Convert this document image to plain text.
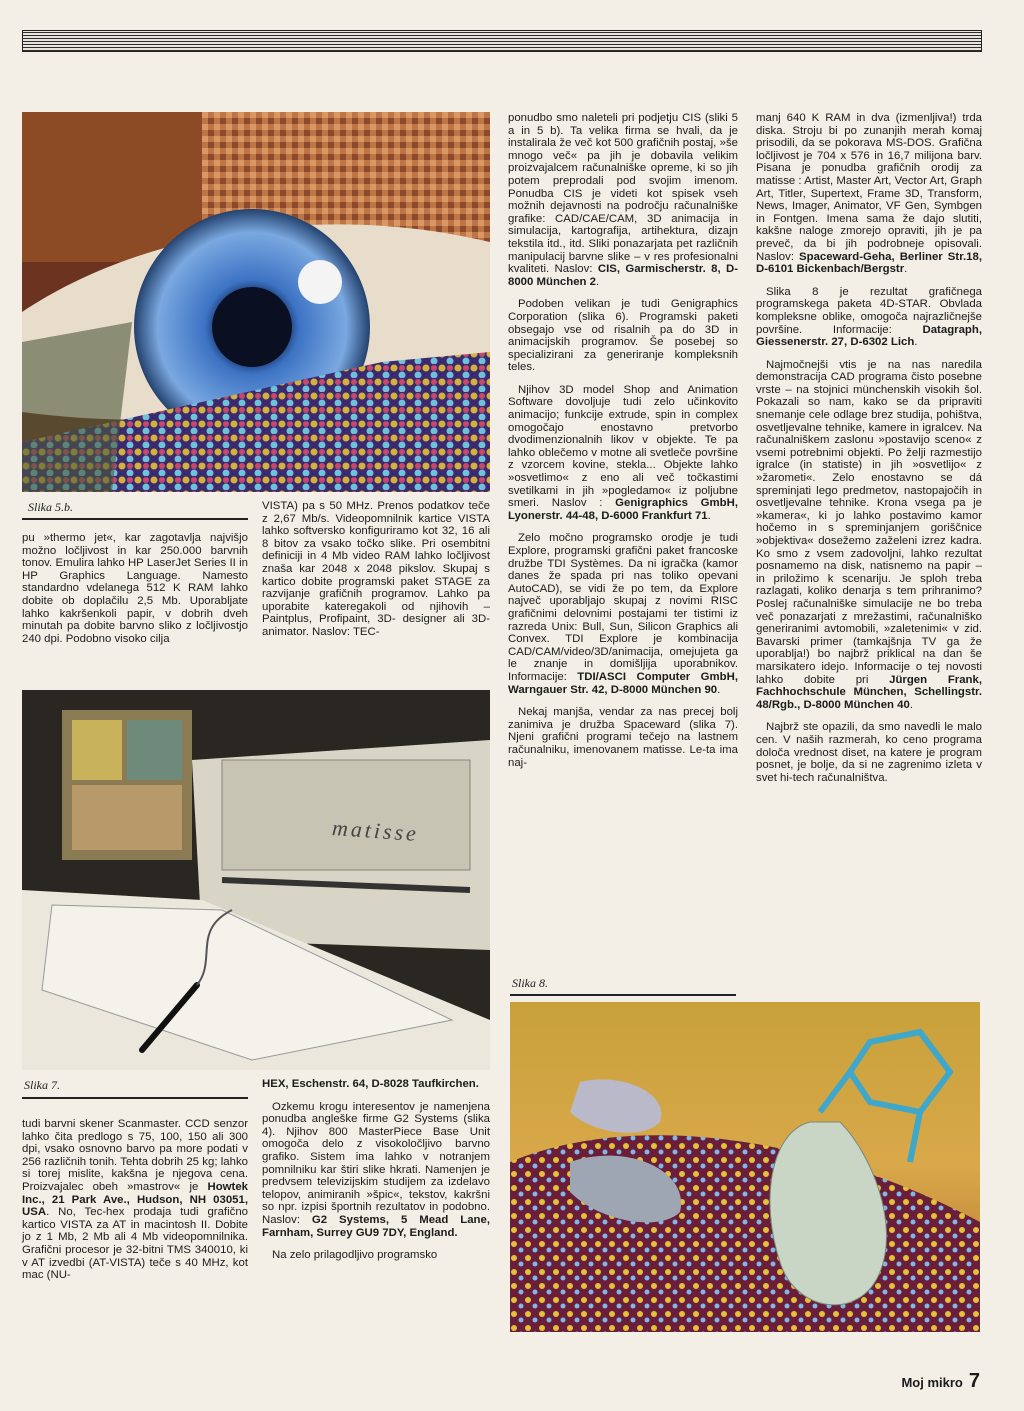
Slika 5.b.

pu »thermo jet«, kar zagotavlja najvišjo možno ločljivost in kar 250.000 barvnih tonov. Emulira lahko HP LaserJet Series II in HP Graphics Language. Namesto standardno vdelanega 512 K RAM lahko dobite ob doplačilu 2,5 Mb. Uporabljate lahko kakršenkoli papir, v dobrih dveh minutah pa dobite barvno sliko z ločljivostjo 240 dpi. Podobno visoko cilja

VISTA) pa s 50 MHz. Prenos podatkov teče z 2,67 Mb/s. Videopomnilnik kartice VISTA lahko softversko konfiguriramo kot 32, 16 ali 8 bitov za vsako točko slike. Pri osembitni definiciji in 4 Mb video RAM lahko ločljivost znaša kar 2048 x 2048 pikslov. Skupaj s kartico dobite programski paket STAGE za razvijanje grafičnih programov. Lahko pa uporabite kateregakoli od njihovih – Paintplus, Profipaint, 3D- designer ali 3D-animator. Naslov: TEC-

ponudbo smo naleteli pri podjetju CIS (sliki 5 a in 5 b). Ta velika firma se hvali, da je instalirala že več kot 500 grafičnih postaj, »še mnogo več« pa jih je dobavila velikim proizvajalcem računalniške opreme, ki so jih potem preprodali pod svojim imenom. Ponudba CIS je videti kot spisek vseh možnih dejavnosti na področju računalniške grafike: CAD/CAE/CAM, 3D animacija in simulacija, kartografija, artihektura, dizajn tekstila itd., itd. Sliki ponazarjata pet različnih manipulacij barvne slike – v res profesionalni kvaliteti. Naslov: CIS, Garmischerstr. 8, D-8000 München 2.

Podoben velikan je tudi Genigraphics Corporation (slika 6). Programski paketi obsegajo vse od risalnih pa do 3D in animacijskih programov. Še posebej so specializirani za generiranje kompleksnih teles.

Njihov 3D model Shop and Animation Software dovoljuje tudi zelo učinkovito animacijo; funkcije extrude, spin in complex omogočajo enostavno pretvorbo dvodimenzionalnih likov v objekte. Te pa lahko oblečemo v motne ali svetleče površine z vzorcem kovine, stekla... Objekte lahko »osvetlimo« z eno ali več točkastimi svetilkami in jih »pogledamo« iz poljubne smeri. Naslov : Genigraphics GmbH, Lyonerstr. 44-48, D-6000 Frankfurt 71.

Zelo močno programsko orodje je tudi Explore, programski grafični paket francoske družbe TDI Systèmes. Da ni igračka (kamor danes že spada pri nas toliko opevani AutoCAD), se vidi že po tem, da Explore največ uporabljajo skupaj z novimi RISC grafičnimi delovnimi postajami ter tistimi iz razreda Unix: Bull, Sun, Silicon Graphics ali Convex. TDI Explore je kombinacija CAD/CAM/video/3D/animacija, omejujeta ga le znanje in domišljija uporabnikov. Informacije: TDI/ASCI Computer GmbH, Warngauer Str. 42, D-8000 München 90.

Nekaj manjša, vendar za nas precej bolj zanimiva je družba Spaceward (slika 7). Njeni grafični programi tečejo na lastnem računalniku, imenovanem matisse. Le-ta ima naj-

manj 640 K RAM in dva (izmenljiva!) trda diska. Stroju bi po zunanjih merah komaj prisodili, da se pokorava MS-DOS. Grafična ločljivost je 704 x 576 in 16,7 milijona barv. Pisana je ponudba grafičnih orodij za matisse : Artist, Master Art, Vector Art, Graph Art, Titler, Supertext, Frame 3D, Transform, News, Imager, Animator, VF Gen, Symbgen in Fontgen. Imena sama že dajo slutiti, kakšne naloge zmorejo opraviti, jih je pa preveč, da bi jih podrobneje opisovali. Naslov: Spaceward-Geha, Berliner Str.18, D-6101 Bickenbach/Bergstr.

Slika 8 je rezultat grafičnega programskega paketa 4D-STAR. Obvlada kompleksne oblike, omogoča najrazličnejše površine. Informacije: Datagraph, Giessenerstr. 27, D-6302 Lich.

Najmočnejši vtis je na nas naredila demonstracija CAD programa čisto posebne vrste – na stojnici münchenskih visokih šol. Pokazali so nam, kako se da pripraviti snemanje cele odlage brez studija, pohištva, osvetljevalne tehnike, kamere in igralcev. Na računalniškem zaslonu »postavijo sceno« z vsemi potrebnimi objekti. Po želji razmestijo igralce (in statiste) in jih »osvetlijo« z »žarometi«. Zelo enostavno se dá spreminjati lego predmetov, nastopajočih in osvetljevalne tehnike. Krona vsega pa je »kamera«, ki jo lahko postavimo kamor hočemo in s spreminjanjem goriščnice »objektiva« dosežemo zaželeni izrez kadra. Ko smo z vsem zadovoljni, lahko rezultat posnamemo na disk, natisnemo na papir – in priložimo k scenariju. Je sploh treba razlagati, koliko denarja s tem prihranimo? Poslej računalniške simulacije ne bo treba več ponazarjati z mrežastimi, računalniško generiranimi avtomobili, »zaletenimi« v zid. Bavarski primer (tamkajšnja TV ga že uporablja!) bo najbrž priklical na dan še marsikatero idejo. Informacije o tej novosti lahko dobite pri Jürgen Frank, Fachhochschule München, Schellingstr. 48/Rgb., D-8000 München 40.

Najbrž ste opazili, da smo navedli le malo cen. V naših razmerah, ko ceno programa določa vrednost diset, na katere je program posnet, je bolje, da si ne zagrenimo izleta v svet hi-tech računalništva.

matisse
Slika 7.

tudi barvni skener Scanmaster. CCD senzor lahko čita predlogo s 75, 100, 150 ali 300 dpi, vsako osnovno barvo pa more podati v 256 različnih tonih. Tehta dobrih 25 kg; lahko si torej mislite, kakšna je njegova cena. Proizvajalec obeh »mastrov« je Howtek Inc., 21 Park Ave., Hudson, NH 03051, USA. No, Tec-hex prodaja tudi grafično kartico VISTA za AT in macintosh II. Dobite jo z 1 Mb, 2 Mb ali 4 Mb videopomnilnika. Grafični procesor je 32-bitni TMS 340010, ki v AT izvedbi (AT-VISTA) teče s 40 MHz, kot mac (NU-

HEX, Eschenstr. 64, D-8028 Taufkirchen.

Ozkemu krogu interesentov je namenjena ponudba angleške firme G2 Systems (slika 4). Njihov 800 MasterPiece Base Unit omogoča delo z visokoločljivo barvno grafiko. Sistem ima lahko v notranjem pomnilniku kar štiri slike hkrati. Namenjen je predvsem televizijskim studijem za izdelavo telopov, animiranih »špic«, tekstov, kakršni so npr. izpisi športnih rezultatov in podobno. Naslov: G2 Systems, 5 Mead Lane, Farnham, Surrey GU9 7DY, England.

Na zelo prilagodljivo programsko

Slika 8.
Moj mikro 7
